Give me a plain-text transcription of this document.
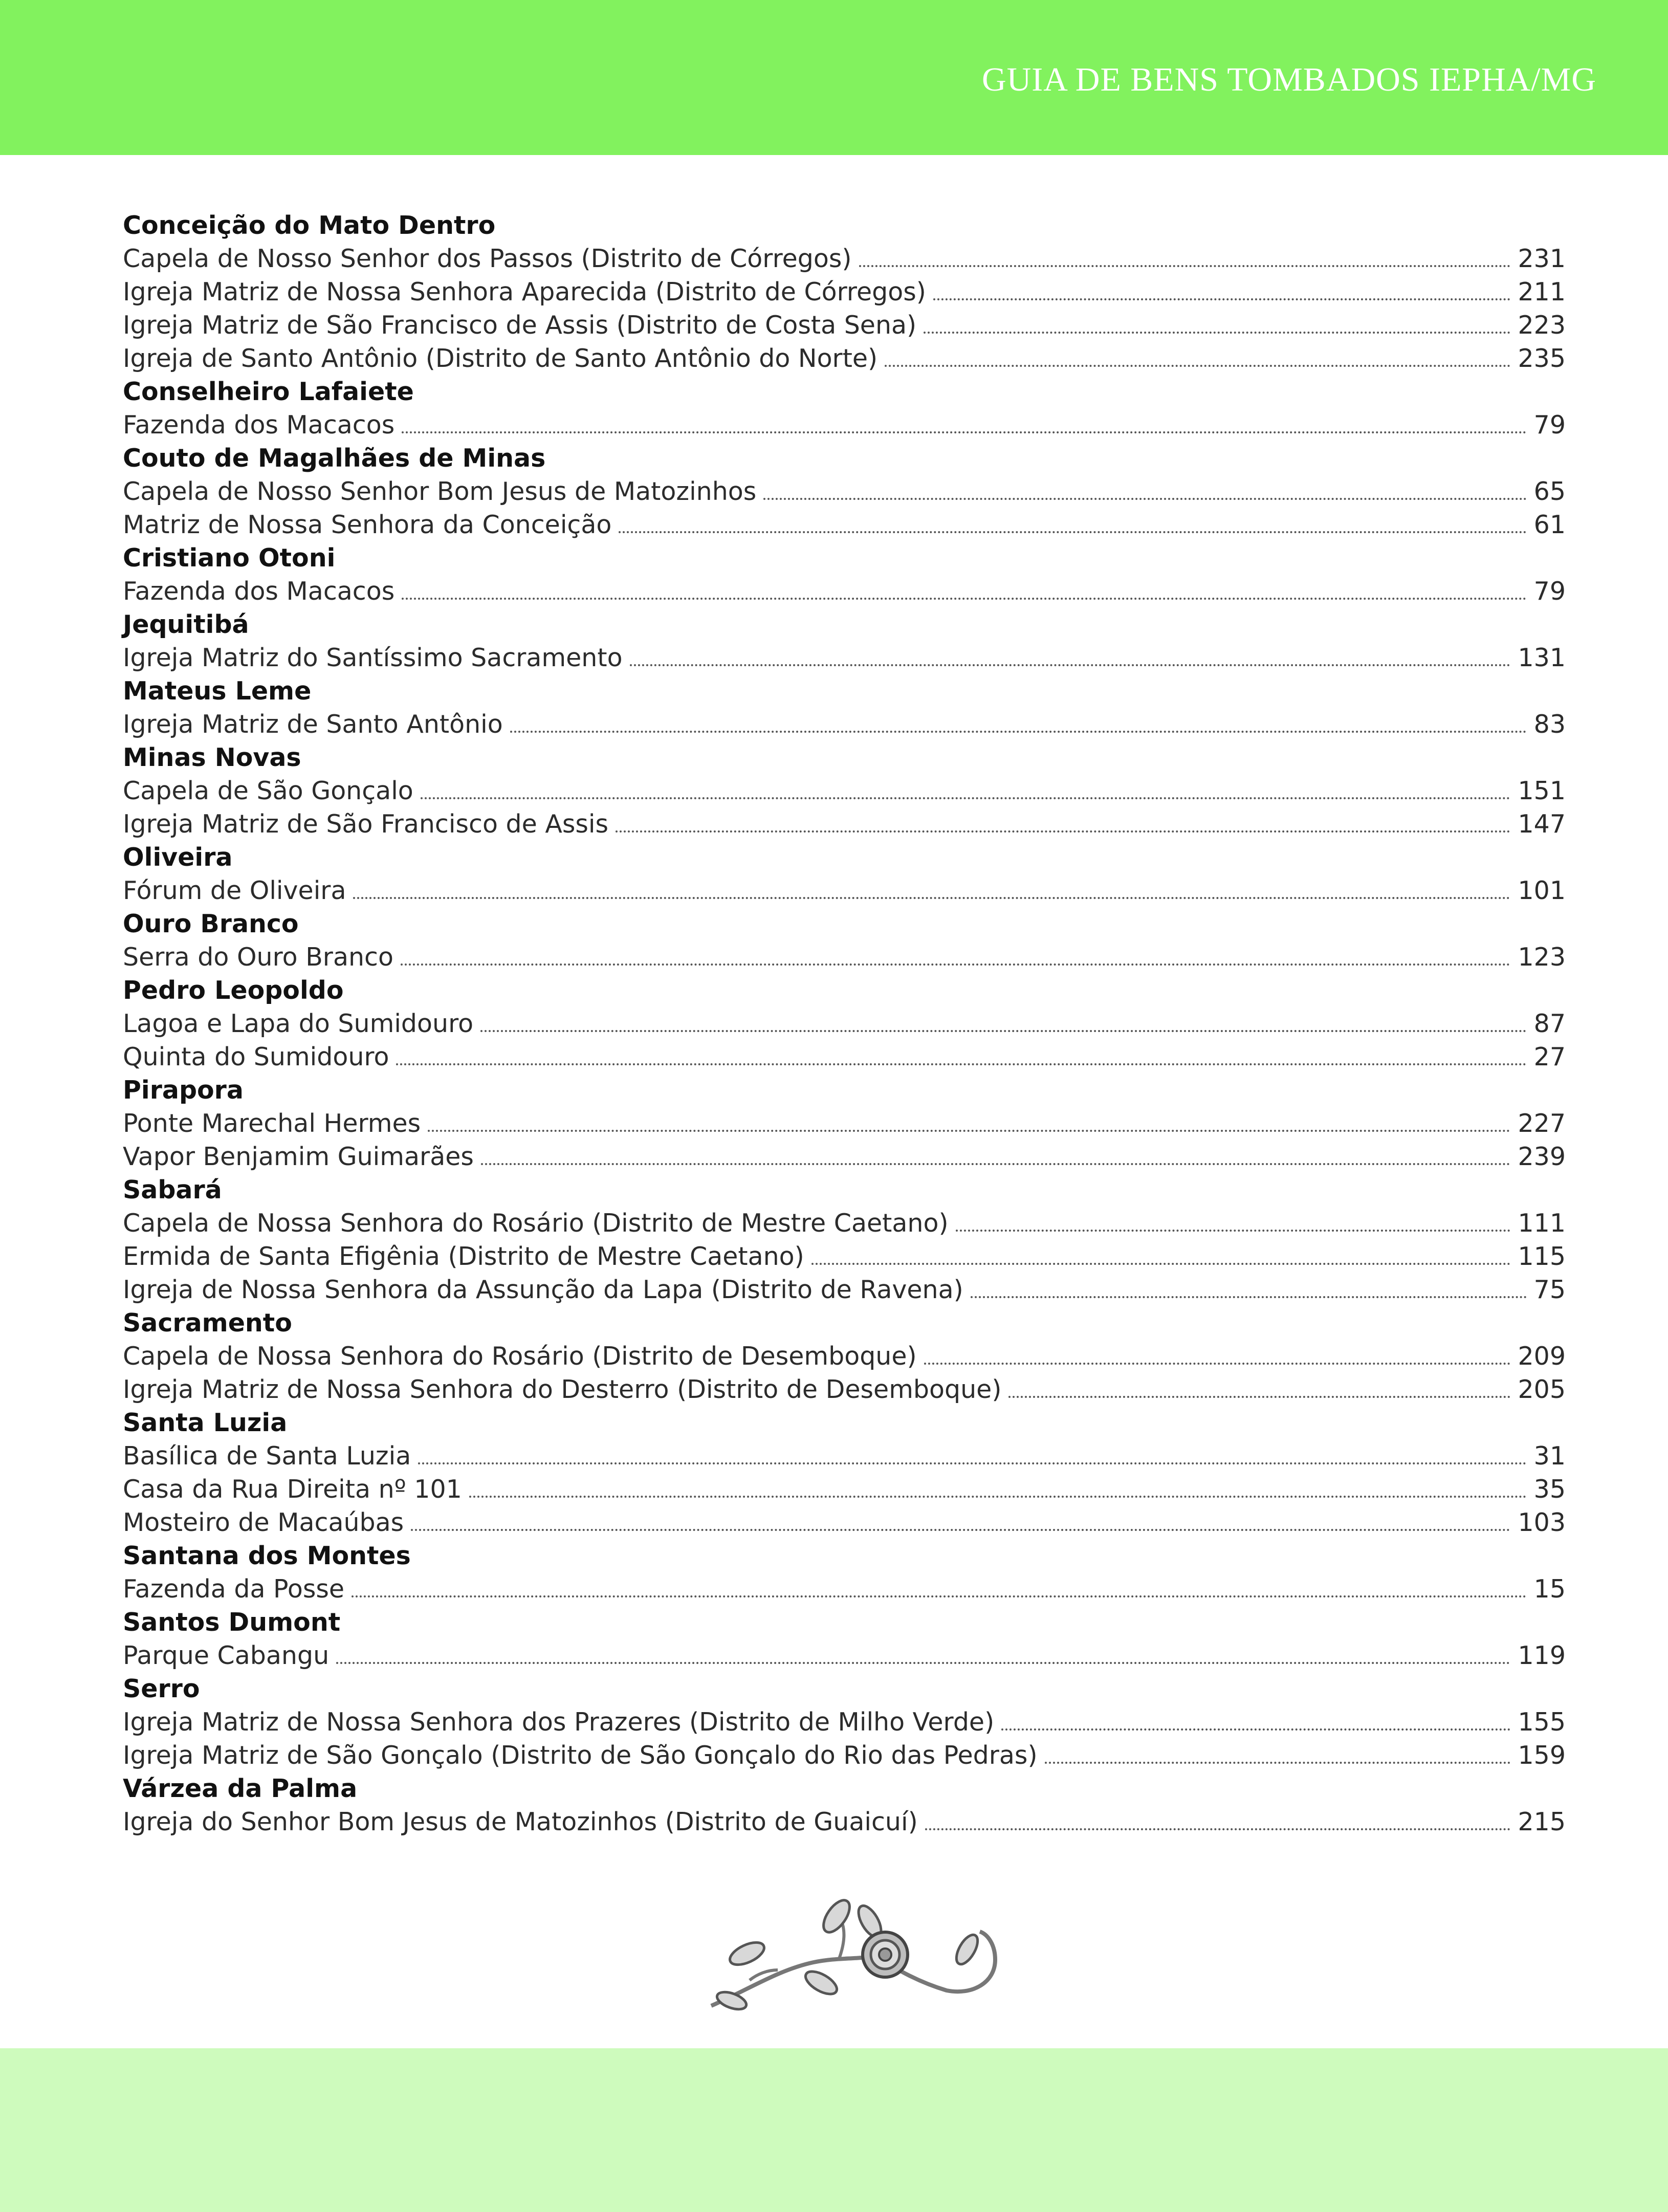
GUIA DE BENS TOMBADOS IEPHA/MG
Conceição do Mato Dentro
Capela de Nosso Senhor dos Passos (Distrito de Córregos)	231
Igreja Matriz de Nossa Senhora Aparecida (Distrito de Córregos)	211
Igreja Matriz de São Francisco de Assis (Distrito de Costa Sena)	223
Igreja de Santo Antônio (Distrito de Santo Antônio do Norte)	235
Conselheiro Lafaiete
Fazenda dos Macacos	79
Couto de Magalhães de Minas
Capela de Nosso Senhor Bom Jesus de Matozinhos	65
Matriz de Nossa Senhora da Conceição	61
Cristiano Otoni
Fazenda dos Macacos	79
Jequitibá
Igreja Matriz do Santíssimo Sacramento	131
Mateus Leme
Igreja Matriz de Santo Antônio	83
Minas Novas
Capela de São Gonçalo	151
Igreja Matriz de São Francisco de Assis	147
Oliveira
Fórum de Oliveira	101
Ouro Branco
Serra do Ouro Branco	123
Pedro Leopoldo
Lagoa e Lapa do Sumidouro	87
Quinta do Sumidouro	27
Pirapora
Ponte Marechal Hermes	227
Vapor Benjamim Guimarães	239
Sabará
Capela de Nossa Senhora do Rosário (Distrito de Mestre Caetano)	111
Ermida de Santa Efigênia (Distrito de Mestre Caetano)	115
Igreja de Nossa Senhora da Assunção da Lapa (Distrito de Ravena)	75
Sacramento
Capela de Nossa Senhora do Rosário (Distrito de Desemboque)	209
Igreja Matriz de Nossa Senhora do Desterro (Distrito de Desemboque)	205
Santa Luzia
Basílica de Santa Luzia	31
Casa da Rua Direita nº 101	35
Mosteiro de Macaúbas	103
Santana dos Montes
Fazenda da Posse	15
Santos Dumont
Parque Cabangu	119
Serro
Igreja Matriz de Nossa Senhora dos Prazeres (Distrito de Milho Verde)	155
Igreja Matriz de São Gonçalo (Distrito de São Gonçalo do Rio das Pedras)	159
Várzea da Palma
Igreja do Senhor Bom Jesus de Matozinhos (Distrito de Guaicuí)	215
